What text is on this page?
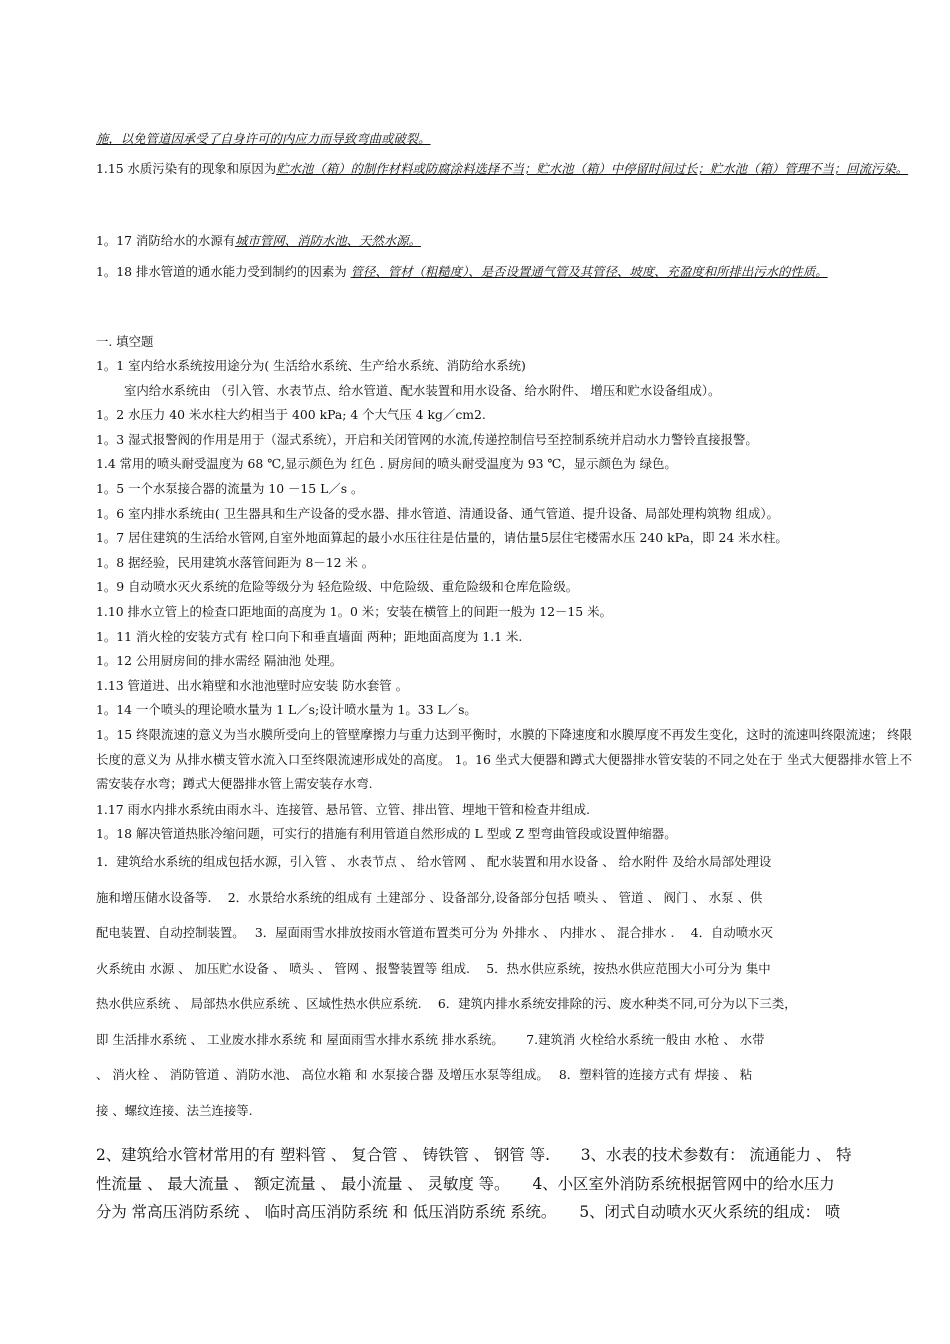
施，以免管道因承受了自身许可的内应力而导致弯曲或破裂。

1.15 水质污染有的现象和原因为贮水池（箱）的制作材料或防腐涂料选择不当；贮水池（箱）中停留时间过长；贮水池（箱）管理不当；回流污染。

1。17 消防给水的水源有城市管网、消防水池、天然水源。

1。18 排水管道的通水能力受到制约的因素为 管径、管材（粗糙度）、是否设置通气管及其管径、坡度、充盈度和所排出污水的性质。

一. 填空题

1。1 室内给水系统按用途分为( 生活给水系统、生产给水系统、消防给水系统)
室内给水系统由 （引入管、水表节点、给水管道、配水装置和用水设备、给水附件、 增压和贮水设备组成）。
1。2 水压力 40 米水柱大约相当于 400 kPa; 4 个大气压 4 kg／cm2.
1。3 湿式报警阀的作用是用于（湿式系统），开启和关闭管网的水流,传递控制信号至控制系统并启动水力警铃直接报警。
1.4 常用的喷头耐受温度为 68 ℃,显示颜色为 红色 . 厨房间的喷头耐受温度为 93 ℃，显示颜色为 绿色。
1。5 一个水泵接合器的流量为 10 －15 L／s 。
1。6 室内排水系统由( 卫生器具和生产设备的受水器、排水管道、清通设备、通气管道、提升设备、局部处理构筑物 组成）。
1。7 居住建筑的生活给水管网,自室外地面算起的最小水压往往是估量的，请估量5层住宅楼需水压 240 kPa，即 24 米水柱。
1。8 据经验，民用建筑水落管间距为 8－12 米 。
1。9 自动喷水灭火系统的危险等级分为 轻危险级、中危险级、重危险级和仓库危险级。
1.10 排水立管上的检查口距地面的高度为 1。0 米；安装在横管上的间距一般为 12－15 米。
1。11 消火栓的安装方式有 栓口向下和垂直墙面 两种；距地面高度为 1.1 米.
1。12 公用厨房间的排水需经 隔油池 处理。
1.13 管道进、出水箱壁和水池池壁时应安装 防水套管 。
1。14 一个喷头的理论喷水量为 1 L／s;设计喷水量为 1。33 L／s。

1。15 终限流速的意义为当水膜所受向上的管壁摩擦力与重力达到平衡时，水膜的下降速度和水膜厚度不再发生变化，这时的流速叫终限流速； 终限长度的意义为 从排水横支管水流入口至终限流速形成处的高度。 1。16 坐式大便器和蹲式大便器排水管安装的不同之处在于 坐式大便器排水管上不需安装存水弯；蹲式大便器排水管上需安装存水弯.

1.17 雨水内排水系统由雨水斗、连接管、悬吊管、立管、排出管、埋地干管和检查井组成.

1。18 解决管道热胀冷缩问题，可实行的措施有利用管道自然形成的 L 型或 Z 型弯曲管段或设置伸缩器。

1．建筑给水系统的组成包括水源，引入管 、 水表节点 、 给水管网 、 配水装置和用水设备 、 给水附件 及给水局部处理设
施和增压储水设备等.　 2．水景给水系统的组成有 土建部分 、设备部分,设备部分包括 喷头 、 管道 、 阀门 、 水泵 、供
配电装置、自动控制装置。　 3．屋面雨雪水排放按雨水管道布置类可分为 外排水 、 内排水 、 混合排水 .　 4．自动喷水灭
火系统由 水源 、 加压贮水设备 、 喷头 、 管网 、报警装置等 组成.　 5．热水供应系统，按热水供应范围大小可分为 集中
热水供应系统 、 局部热水供应系统 、区域性热水供应系统.　 6．建筑内排水系统安排除的污、废水种类不同,可分为以下三类，
即 生活排水系统 、 工业废水排水系统 和 屋面雨雪水排水系统 排水系统。　　 7.建筑消 火栓给水系统一般由 水枪 、 水带
、 消火栓 、 消防管道 、消防水池、 高位水箱 和 水泵接合器 及增压水泵等组成。　 8．塑料管的连接方式有 焊接 、 粘
接 、螺纹连接、法兰连接等.
2、建筑给水管材常用的有 塑料管 、 复合管 、 铸铁管 、 钢管 等.　　3、水表的技术参数有： 流通能力 、 特
性流量 、 最大流量 、 额定流量 、 最小流量 、 灵敏度 等。　　4、小区室外消防系统根据管网中的给水压力
分为 常高压消防系统 、 临时高压消防系统 和 低压消防系统 系统。　　5、闭式自动喷水灭火系统的组成： 喷
